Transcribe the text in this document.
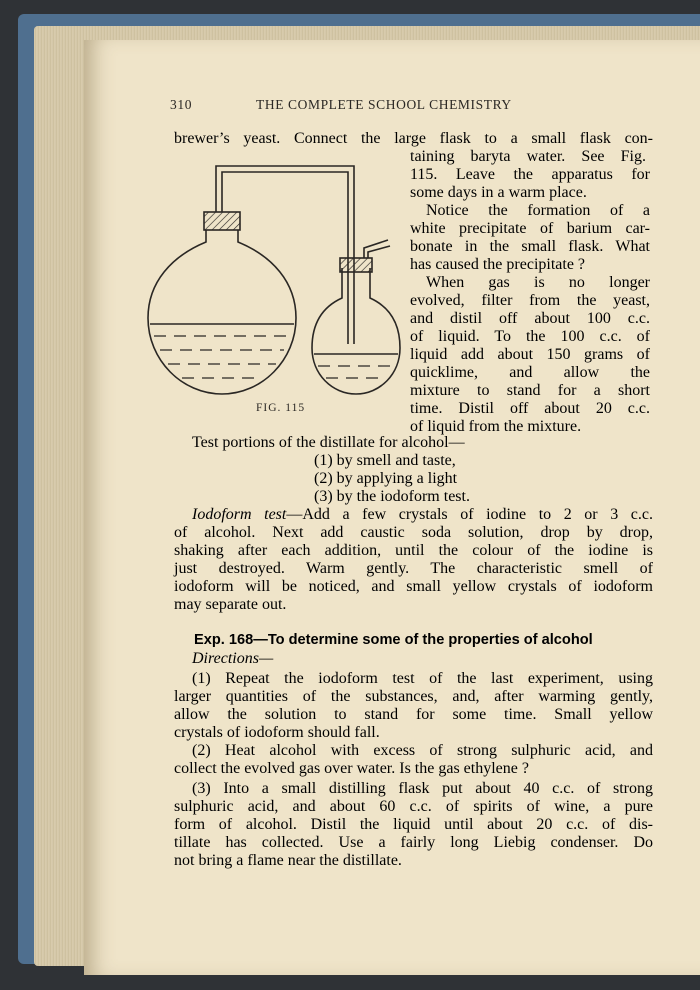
310	THE COMPLETE SCHOOL CHEMISTRY
FIG. 115
brewer’s yeast. Connect the large flask to a small flask con-
taining baryta water. See Fig.
115. Leave the apparatus for
some days in a warm place.
Notice the formation of a
white precipitate of barium car-
bonate in the small flask. What
has caused the precipitate ?
When gas is no longer
evolved, filter from the yeast,
and distil off about 100 c.c.
of liquid. To the 100 c.c. of
liquid add about 150 grams of
quicklime, and allow the
mixture to stand for a short
time. Distil off about 20 c.c.
of liquid from the mixture.
Test portions of the distillate for alcohol—
(1) by smell and taste,
(2) by applying a light
(3) by the iodoform test.
Iodoform test—Add a few crystals of iodine to 2 or 3 c.c.
of alcohol. Next add caustic soda solution, drop by drop,
shaking after each addition, until the colour of the iodine is
just destroyed. Warm gently. The characteristic smell of
iodoform will be noticed, and small yellow crystals of iodoform
may separate out.
Exp. 168—To determine some of the properties of alcohol
Directions—
(1) Repeat the iodoform test of the last experiment, using
larger quantities of the substances, and, after warming gently,
allow the solution to stand for some time. Small yellow
crystals of iodoform should fall.
(2) Heat alcohol with excess of strong sulphuric acid, and
collect the evolved gas over water. Is the gas ethylene ?
(3) Into a small distilling flask put about 40 c.c. of strong
sulphuric acid, and about 60 c.c. of spirits of wine, a pure
form of alcohol. Distil the liquid until about 20 c.c. of dis-
tillate has collected. Use a fairly long Liebig condenser. Do
not bring a flame near the distillate.
